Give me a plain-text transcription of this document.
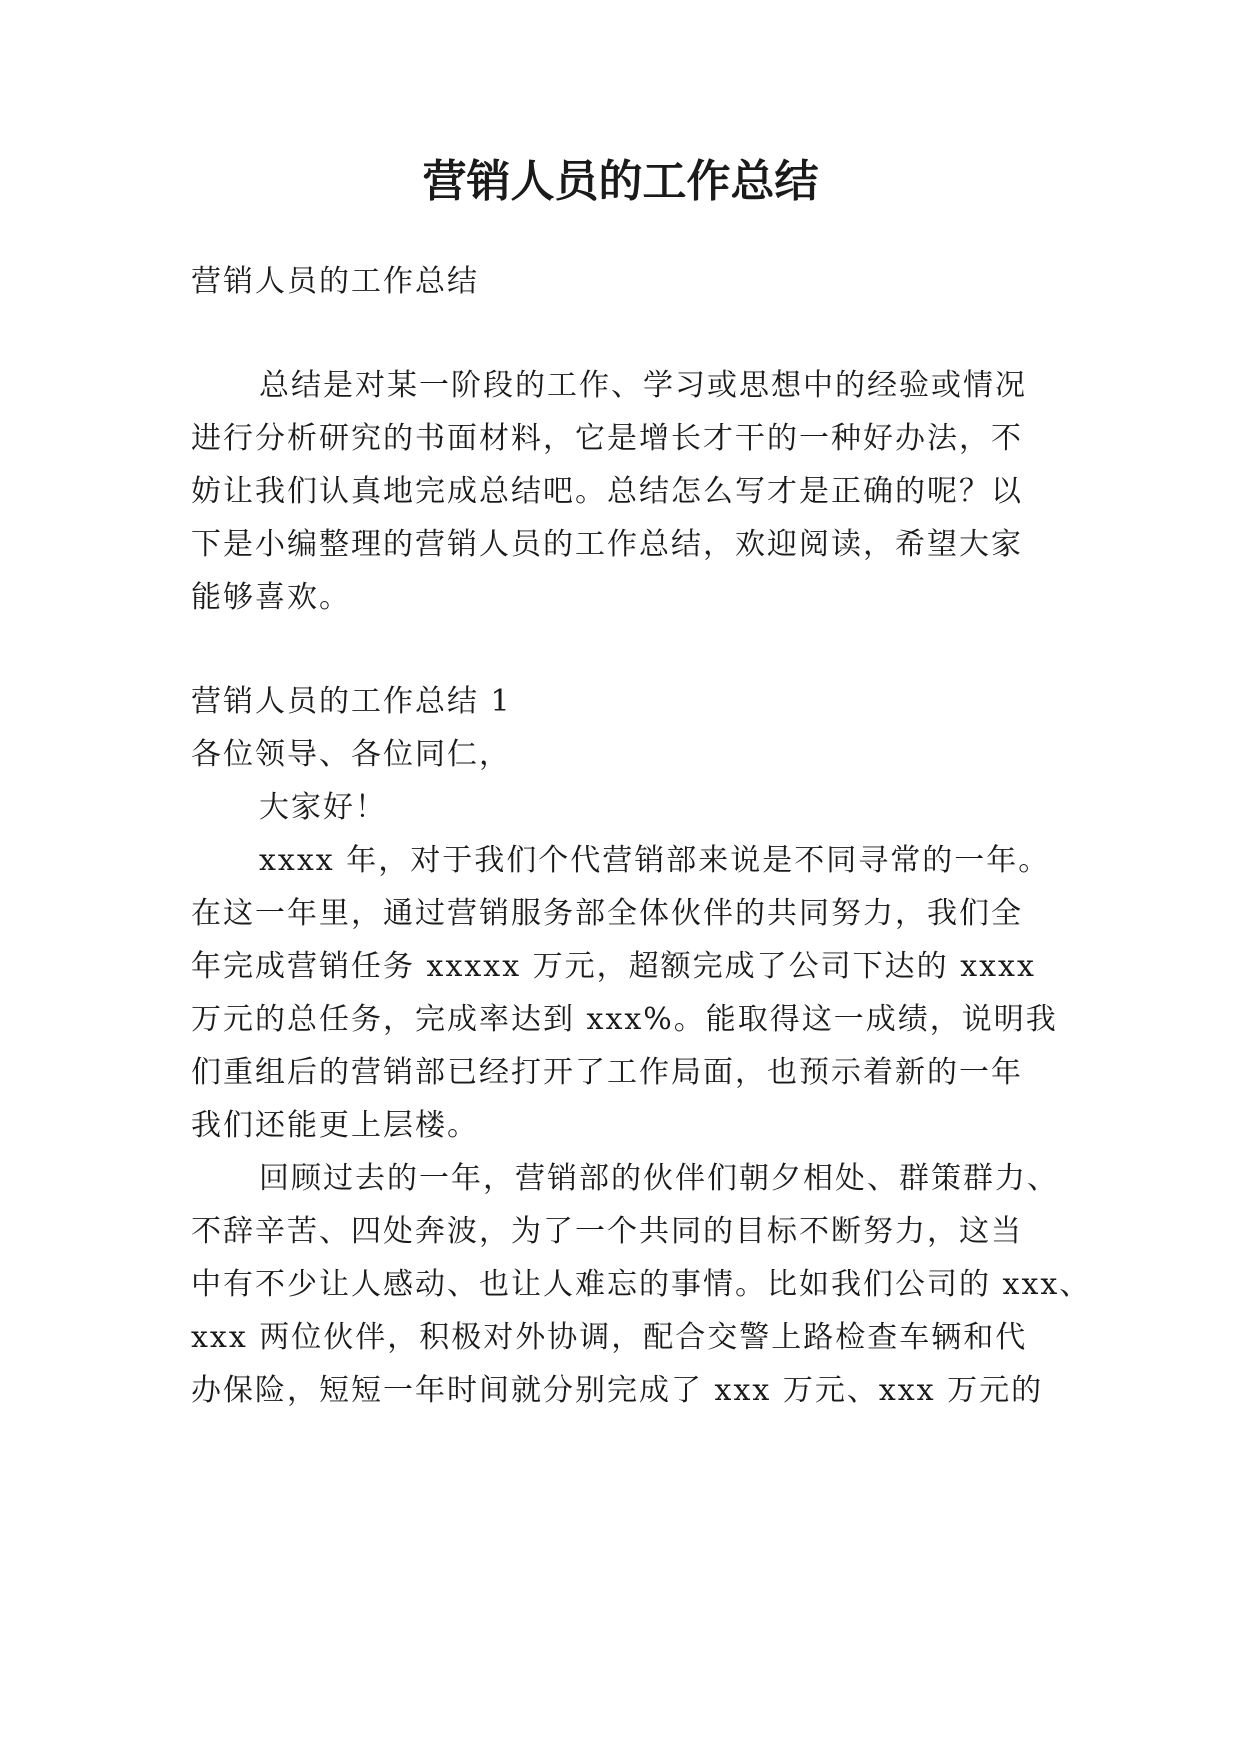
营销人员的工作总结
营销人员的工作总结
总结是对某一阶段的工作、学习或思想中的经验或情况
进行分析研究的书面材料，它是增长才干的一种好办法，不
妨让我们认真地完成总结吧。总结怎么写才是正确的呢？以
下是小编整理的营销人员的工作总结，欢迎阅读，希望大家
能够喜欢。
营销人员的工作总结 1
各位领导、各位同仁，
大家好！
xxxx 年，对于我们个代营销部来说是不同寻常的一年。
在这一年里，通过营销服务部全体伙伴的共同努力，我们全
年完成营销任务 xxxxx 万元，超额完成了公司下达的 xxxx
万元的总任务，完成率达到 xxx%。能取得这一成绩，说明我
们重组后的营销部已经打开了工作局面，也预示着新的一年
我们还能更上层楼。
回顾过去的一年，营销部的伙伴们朝夕相处、群策群力、
不辞辛苦、四处奔波，为了一个共同的目标不断努力，这当
中有不少让人感动、也让人难忘的事情。比如我们公司的 xxx、
xxx 两位伙伴，积极对外协调，配合交警上路检查车辆和代
办保险，短短一年时间就分别完成了 xxx 万元、xxx 万元的
